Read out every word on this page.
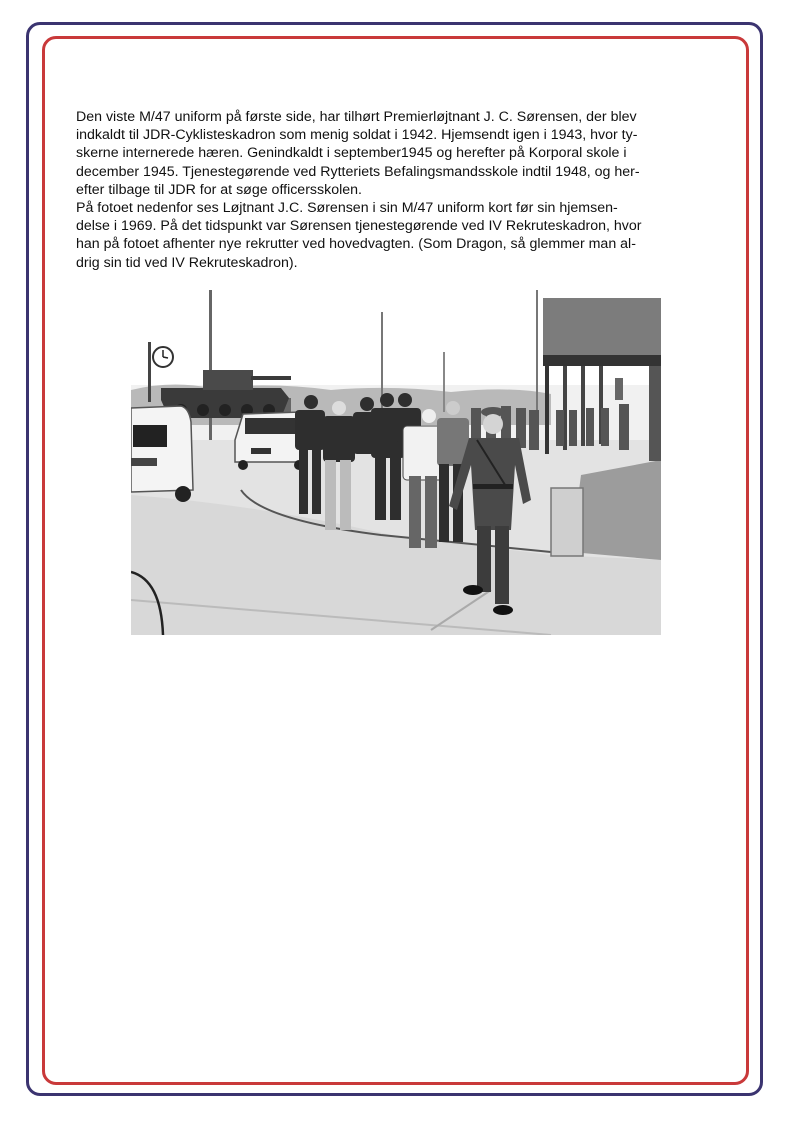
Den viste M/47 uniform på første side, har tilhørt Premierløjtnant J. C. Sørensen, der blev
indkaldt til JDR-Cyklisteskadron som menig soldat i 1942. Hjemsendt igen i 1943, hvor ty-
skerne internerede hæren. Genindkaldt i september1945 og herefter på Korporal skole i
december 1945. Tjenestegørende ved Rytteriets Befalingsmandsskole indtil 1948, og her-
efter tilbage til JDR for at søge officersskolen.

På fotoet nedenfor ses Løjtnant J.C. Sørensen i sin M/47 uniform kort før sin hjemsen-
delse i 1969. På det tidspunkt var Sørensen tjenestegørende ved IV Rekruteskadron, hvor
han på fotoet afhenter nye rekrutter ved hovedvagten. (Som Dragon, så glemmer man al-
drig sin tid ved IV Rekruteskadron).
